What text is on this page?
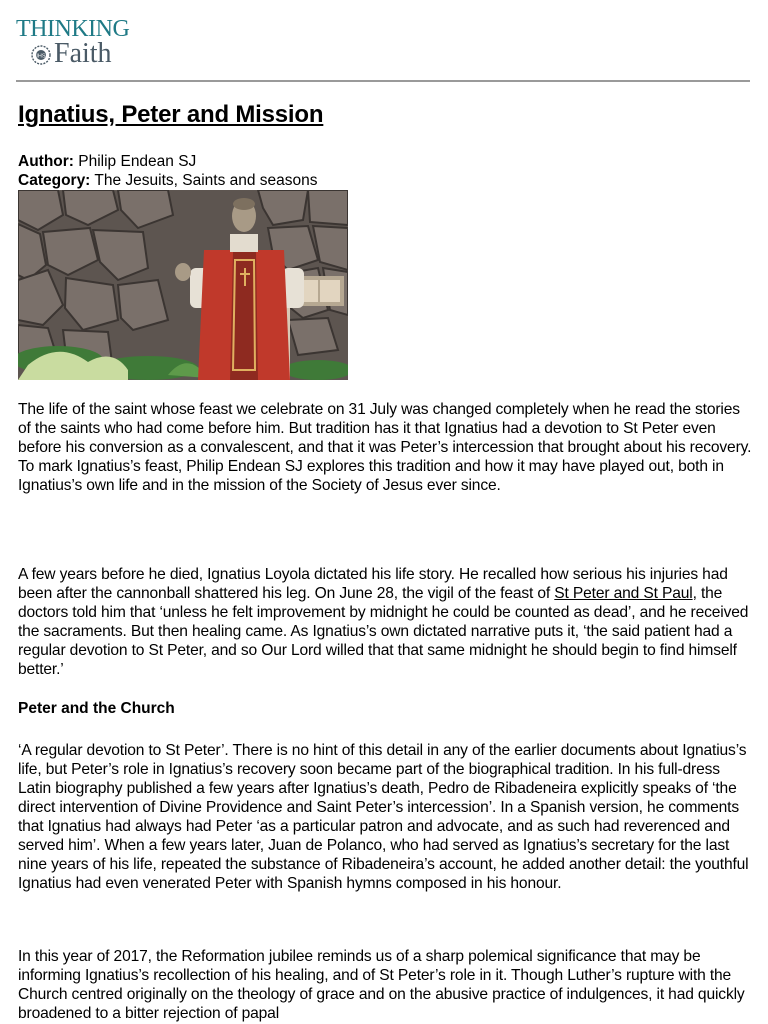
THINKING
IHS Faith
Ignatius, Peter and Mission
Author: Philip Endean SJ
Category: The Jesuits, Saints and seasons

The life of the saint whose feast we celebrate on 31 July was changed completely when he read the stories of the saints who had come before him. But tradition has it that Ignatius had a devotion to St Peter even before his conversion as a convalescent, and that it was Peter’s intercession that brought about his recovery. To mark Ignatius’s feast, Philip Endean SJ explores this tradition and how it may have played out, both in Ignatius’s own life and in the mission of the Society of Jesus ever since.

A few years before he died, Ignatius Loyola dictated his life story. He recalled how serious his injuries had been after the cannonball shattered his leg. On June 28, the vigil of the feast of St Peter and St Paul, the doctors told him that ‘unless he felt improvement by midnight he could be counted as dead’, and he received the sacraments. But then healing came. As Ignatius’s own dictated narrative puts it, ‘the said patient had a regular devotion to St Peter, and so Our Lord willed that that same midnight he should begin to find himself better.’

Peter and the Church

‘A regular devotion to St Peter’. There is no hint of this detail in any of the earlier documents about Ignatius’s life, but Peter’s role in Ignatius’s recovery soon became part of the biographical tradition. In his full-dress Latin biography published a few years after Ignatius’s death, Pedro de Ribadeneira explicitly speaks of ‘the direct intervention of Divine Providence and Saint Peter’s intercession’. In a Spanish version, he comments that Ignatius had always had Peter ‘as a particular patron and advocate, and as such had reverenced and served him’. When a few years later, Juan de Polanco, who had served as Ignatius’s secretary for the last nine years of his life, repeated the substance of Ribadeneira’s account, he added another detail: the youthful Ignatius had even venerated Peter with Spanish hymns composed in his honour.

In this year of 2017, the Reformation jubilee reminds us of a sharp polemical significance that may be informing Ignatius’s recollection of his healing, and of St Peter’s role in it. Though Luther’s rupture with the Church centred originally on the theology of grace and on the abusive practice of indulgences, it had quickly broadened to a bitter rejection of papal
